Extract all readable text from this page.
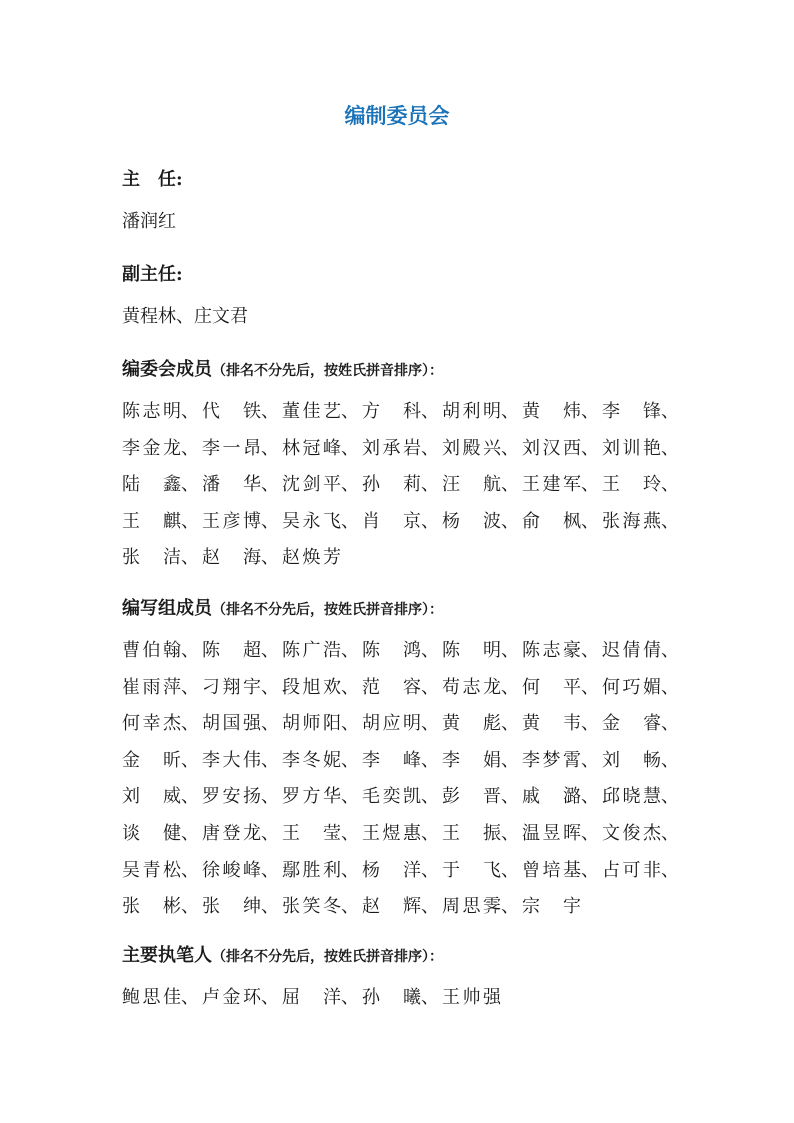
编制委员会
主　任:
潘润红
副主任:
黄程林、庄文君
编委会成员（排名不分先后，按姓氏拼音排序）：
陈志明、 代 铁、 董佳艺、 方 科、 胡利明、 黄 炜、 李 锋、
李金龙、 李一昂、 林冠峰、 刘承岩、 刘殿兴、 刘汉西、 刘训艳、
陆 鑫、 潘 华、 沈剑平、 孙 莉、 汪 航、 王建军、 王 玲、
王 麒、 王彦博、 吴永飞、 肖 京、 杨 波、 俞 枫、 张海燕、
张 洁、 赵 海、 赵焕芳
编写组成员（排名不分先后，按姓氏拼音排序）：
曹伯翰、 陈 超、 陈广浩、 陈 鸿、 陈 明、 陈志豪、 迟倩倩、
崔雨萍、 刁翔宇、 段旭欢、 范 容、 苟志龙、 何 平、 何巧媚、
何幸杰、 胡国强、 胡师阳、 胡应明、 黄 彪、 黄 韦、 金 睿、
金 昕、 李大伟、 李冬妮、 李 峰、 李 娟、 李梦霄、 刘 畅、
刘 威、 罗安扬、 罗方华、 毛奕凯、 彭 晋、 戚 潞、 邱晓慧、
谈 健、 唐登龙、 王 莹、 王煜惠、 王 振、 温昱晖、 文俊杰、
吴青松、 徐峻峰、 鄢胜利、 杨 洋、 于 飞、 曾培基、 占可非、
张 彬、 张 绅、 张笑冬、 赵 辉、 周思霁、 宗 宇
主要执笔人（排名不分先后，按姓氏拼音排序）：
鲍思佳、 卢金环、 屈 洋、 孙 曦、 王帅强
